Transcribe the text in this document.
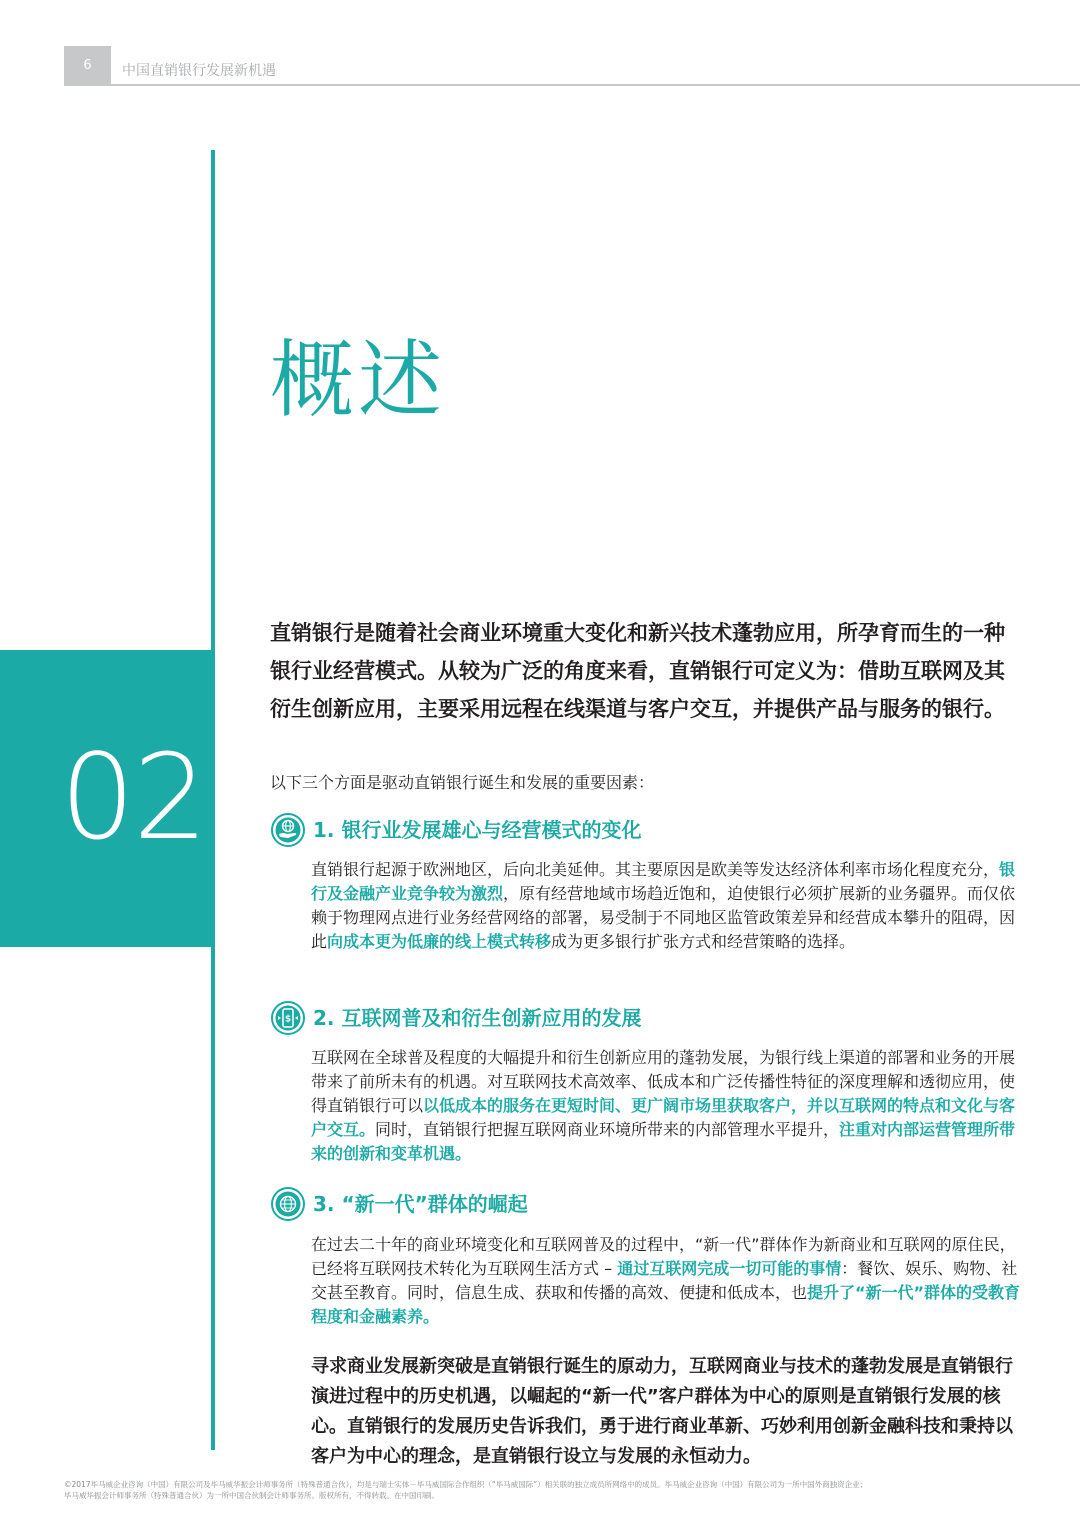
6 中国直销银行发展新机遇
02
概述

直销银行是随着社会商业环境重大变化和新兴技术蓬勃应用，所孕育而生的一种银行业经营模式。从较为广泛的角度来看，直销银行可定义为：借助互联网及其衍生创新应用，主要采用远程在线渠道与客户交互，并提供产品与服务的银行。

以下三个方面是驱动直销银行诞生和发展的重要因素：

1. 银行业发展雄心与经营模式的变化

直销银行起源于欧洲地区，后向北美延伸。其主要原因是欧美等发达经济体利率市场化程度充分，银行及金融产业竞争较为激烈，原有经营地域市场趋近饱和，迫使银行必须扩展新的业务疆界。而仅依赖于物理网点进行业务经营网络的部署，易受制于不同地区监管政策差异和经营成本攀升的阻碍，因此向成本更为低廉的线上模式转移成为更多银行扩张方式和经营策略的选择。

$ 2. 互联网普及和衍生创新应用的发展

互联网在全球普及程度的大幅提升和衍生创新应用的蓬勃发展，为银行线上渠道的部署和业务的开展带来了前所未有的机遇。对互联网技术高效率、低成本和广泛传播性特征的深度理解和透彻应用，使得直销银行可以以低成本的服务在更短时间、更广阔市场里获取客户，并以互联网的特点和文化与客户交互。同时，直销银行把握互联网商业环境所带来的内部管理水平提升，注重对内部运营管理所带来的创新和变革机遇。

3. “新一代”群体的崛起

在过去二十年的商业环境变化和互联网普及的过程中，“新一代”群体作为新商业和互联网的原住民，已经将互联网技术转化为互联网生活方式 – 通过互联网完成一切可能的事情：餐饮、娱乐、购物、社交甚至教育。同时，信息生成、获取和传播的高效、便捷和低成本，也提升了“新一代”群体的受教育程度和金融素养。

寻求商业发展新突破是直销银行诞生的原动力，互联网商业与技术的蓬勃发展是直销银行演进过程中的历史机遇，以崛起的“新一代”客户群体为中心的原则是直销银行发展的核心。直销银行的发展历史告诉我们，勇于进行商业革新、巧妙利用创新金融科技和秉持以客户为中心的理念，是直销银行设立与发展的永恒动力。

©2017毕马威企业咨询（中国）有限公司及毕马威华振会计师事务所（特殊普通合伙），均是与瑞士实体－毕马威国际合作组织（“毕马威国际”）相关联的独立成员所网络中的成员。毕马威企业咨询（中国）有限公司为一所中国外商独资企业；
毕马威华振会计师事务所（特殊普通合伙）为一所中国合伙制会计师事务所。版权所有，不得转载。在中国印刷。
